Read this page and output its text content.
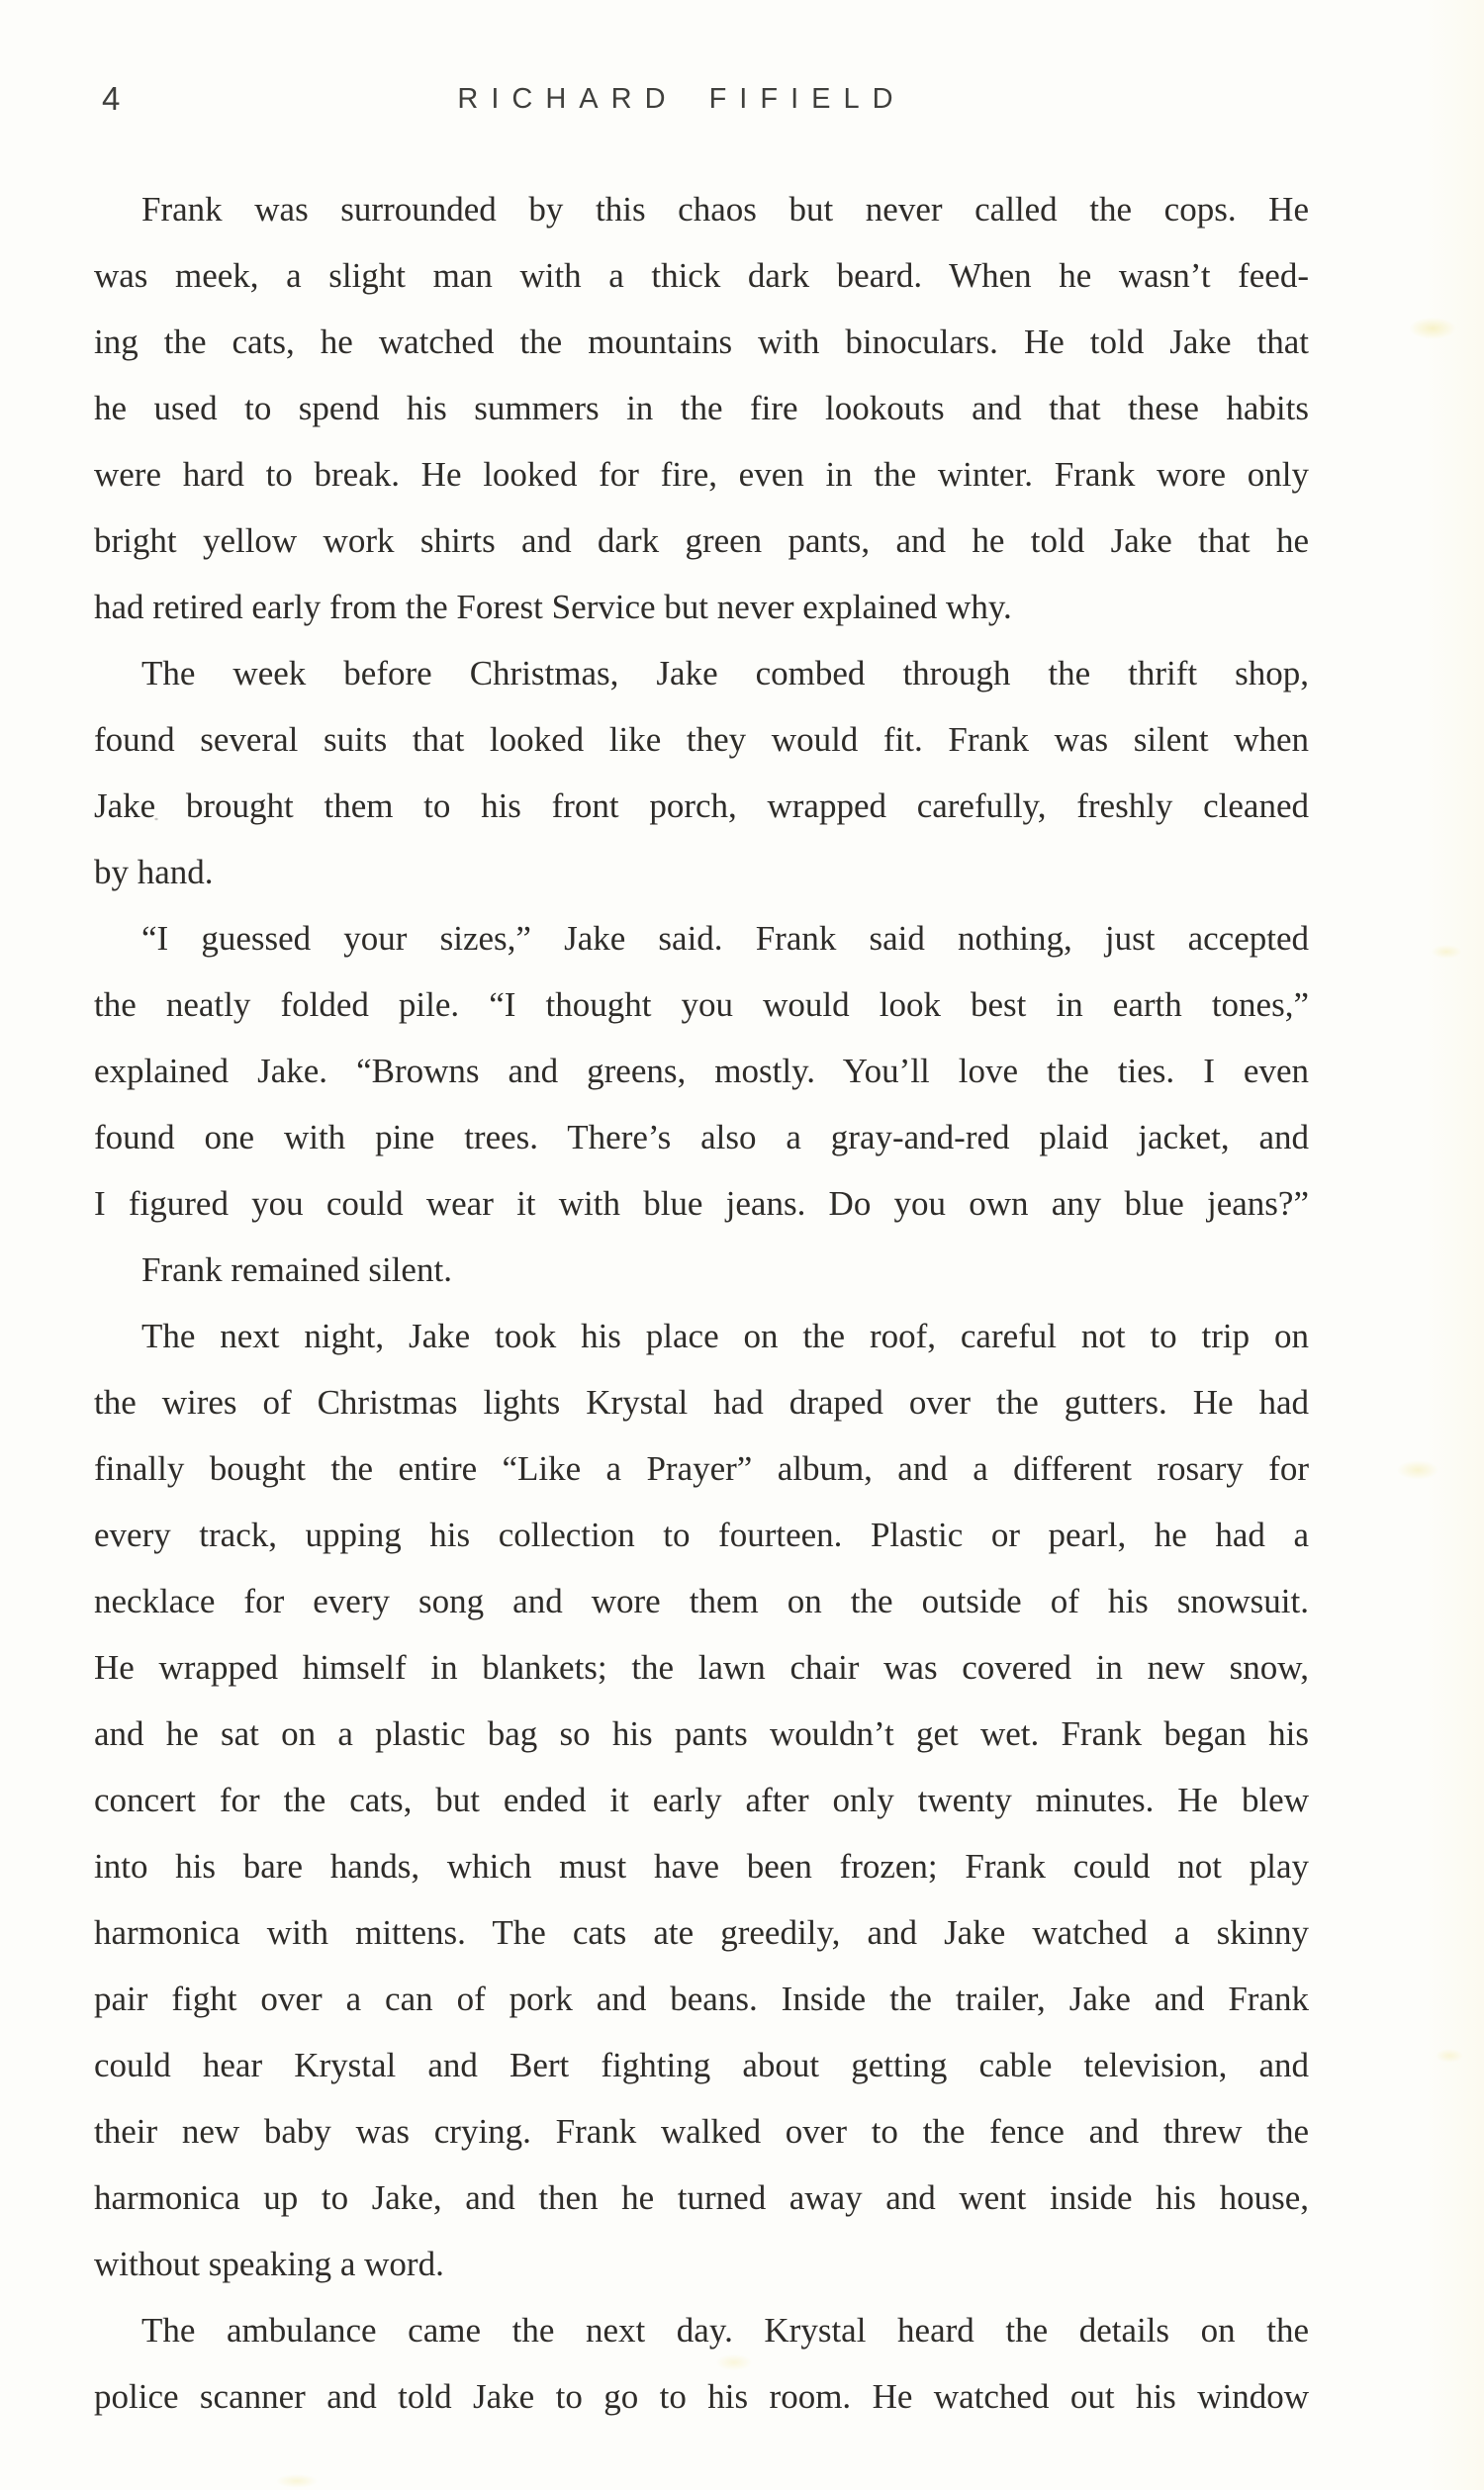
4	RICHARD FIFIELD
Frank was surrounded by this chaos but never called the cops. He
was meek, a slight man with a thick dark beard. When he wasn’t feed-
ing the cats, he watched the mountains with binoculars. He told Jake that
he used to spend his summers in the fire lookouts and that these habits
were hard to break. He looked for fire, even in the winter. Frank wore only
bright yellow work shirts and dark green pants, and he told Jake that he
had retired early from the Forest Service but never explained why.
The week before Christmas, Jake combed through the thrift shop,
found several suits that looked like they would fit. Frank was silent when
Jake brought them to his front porch, wrapped carefully, freshly cleaned
by hand.
“I guessed your sizes,” Jake said. Frank said nothing, just accepted
the neatly folded pile. “I thought you would look best in earth tones,”
explained Jake. “Browns and greens, mostly. You’ll love the ties. I even
found one with pine trees. There’s also a gray-and-red plaid jacket, and
I figured you could wear it with blue jeans. Do you own any blue jeans?”
Frank remained silent.
The next night, Jake took his place on the roof, careful not to trip on
the wires of Christmas lights Krystal had draped over the gutters. He had
finally bought the entire “Like a Prayer” album, and a different rosary for
every track, upping his collection to fourteen. Plastic or pearl, he had a
necklace for every song and wore them on the outside of his snowsuit.
He wrapped himself in blankets; the lawn chair was covered in new snow,
and he sat on a plastic bag so his pants wouldn’t get wet. Frank began his
concert for the cats, but ended it early after only twenty minutes. He blew
into his bare hands, which must have been frozen; Frank could not play
harmonica with mittens. The cats ate greedily, and Jake watched a skinny
pair fight over a can of pork and beans. Inside the trailer, Jake and Frank
could hear Krystal and Bert fighting about getting cable television, and
their new baby was crying. Frank walked over to the fence and threw the
harmonica up to Jake, and then he turned away and went inside his house,
without speaking a word.
The ambulance came the next day. Krystal heard the details on the
police scanner and told Jake to go to his room. He watched out his window
